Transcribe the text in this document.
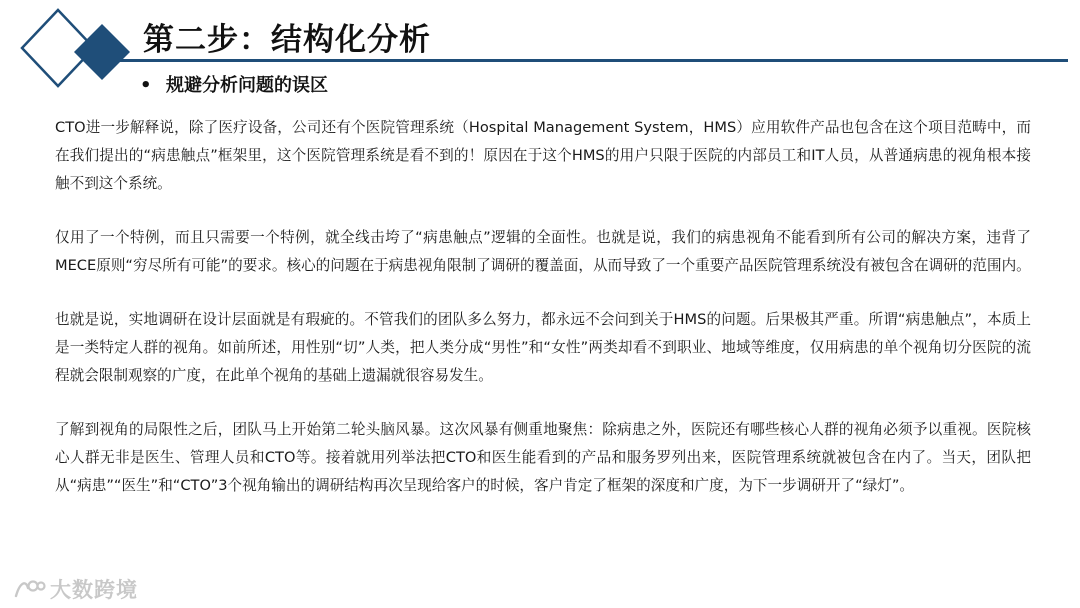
第二步：结构化分析
• 规避分析问题的误区

CTO进一步解释说，除了医疗设备，公司还有个医院管理系统（Hospital Management System，HMS）应用软件产品也包含在这个项目范畴中，而在我们提出的“病患触点”框架里，这个医院管理系统是看不到的！原因在于这个HMS的用户只限于医院的内部员工和IT人员，从普通病患的视角根本接触不到这个系统。

仅用了一个特例，而且只需要一个特例，就全线击垮了“病患触点”逻辑的全面性。也就是说，我们的病患视角不能看到所有公司的解决方案，违背了MECE原则“穷尽所有可能”的要求。核心的问题在于病患视角限制了调研的覆盖面，从而导致了一个重要产品医院管理系统没有被包含在调研的范围内。

也就是说，实地调研在设计层面就是有瑕疵的。不管我们的团队多么努力，都永远不会问到关于HMS的问题。后果极其严重。所谓“病患触点”，本质上是一类特定人群的视角。如前所述，用性别“切”人类，把人类分成“男性”和“女性”两类却看不到职业、地域等维度，仅用病患的单个视角切分医院的流程就会限制观察的广度，在此单个视角的基础上遗漏就很容易发生。

了解到视角的局限性之后，团队马上开始第二轮头脑风暴。这次风暴有侧重地聚焦：除病患之外，医院还有哪些核心人群的视角必须予以重视。医院核心人群无非是医生、管理人员和CTO等。接着就用列举法把CTO和医生能看到的产品和服务罗列出来，医院管理系统就被包含在内了。当天，团队把从“病患”“医生”和“CTO”3个视角输出的调研结构再次呈现给客户的时候，客户肯定了框架的深度和广度，为下一步调研开了“绿灯”。

大数跨境
